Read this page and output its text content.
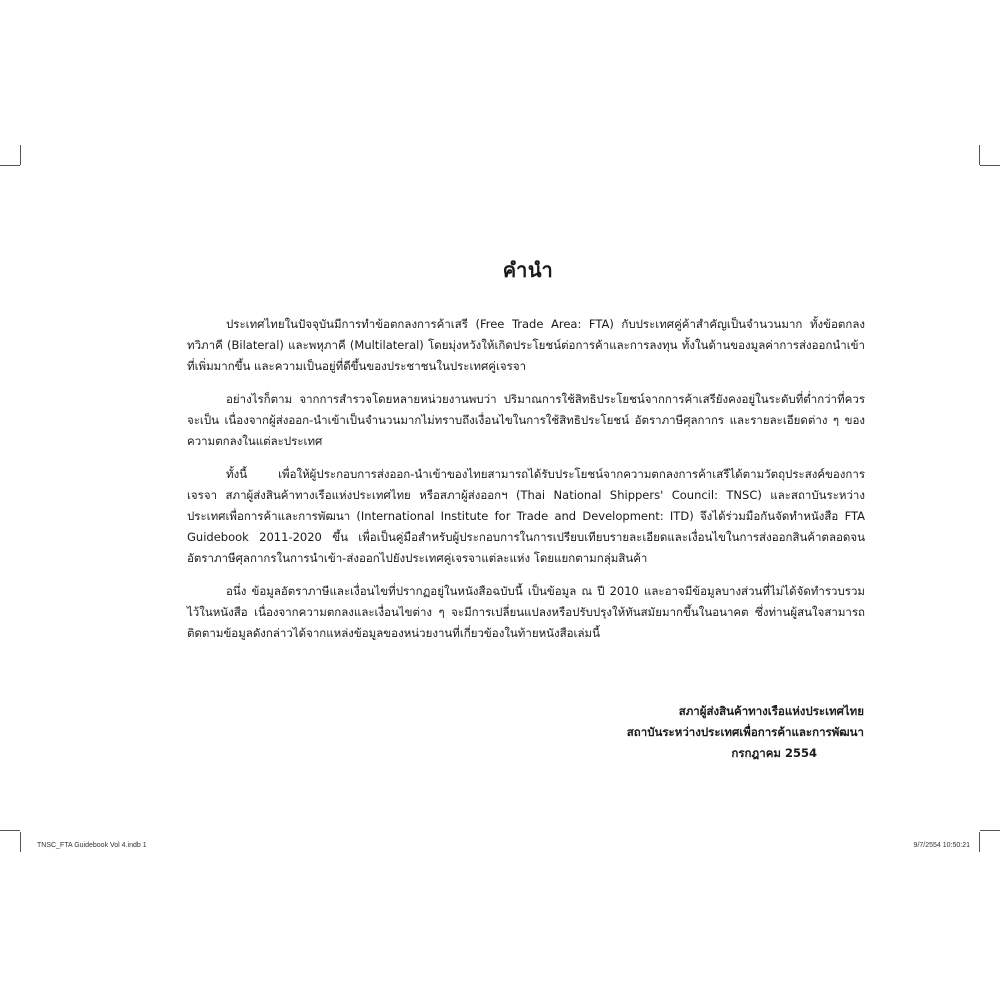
คำนำ

ประเทศไทยในปัจจุบันมีการทำข้อตกลงการค้าเสรี (Free Trade Area: FTA) กับประเทศคู่ค้าสำคัญเป็นจำนวนมาก ทั้งข้อตกลงทวิภาคี (Bilateral) และพหุภาคี (Multilateral) โดยมุ่งหวังให้เกิดประโยชน์ต่อการค้าและการลงทุน ทั้งในด้านของมูลค่าการส่งออกนำเข้าที่เพิ่มมากขึ้น และความเป็นอยู่ที่ดีขึ้นของประชาชนในประเทศคู่เจรจา

อย่างไรก็ตาม จากการสำรวจโดยหลายหน่วยงานพบว่า ปริมาณการใช้สิทธิประโยชน์จากการค้าเสรียังคงอยู่ในระดับที่ต่ำกว่าที่ควรจะเป็น เนื่องจากผู้ส่งออก-นำเข้าเป็นจำนวนมากไม่ทราบถึงเงื่อนไขในการใช้สิทธิประโยชน์ อัตราภาษีศุลกากร และรายละเอียดต่าง ๆ ของความตกลงในแต่ละประเทศ

ทั้งนี้ เพื่อให้ผู้ประกอบการส่งออก-นำเข้าของไทยสามารถได้รับประโยชน์จากความตกลงการค้าเสรีได้ตามวัตถุประสงค์ของการเจรจา สภาผู้ส่งสินค้าทางเรือแห่งประเทศไทย หรือสภาผู้ส่งออกฯ (Thai National Shippers' Council: TNSC) และสถาบันระหว่างประเทศเพื่อการค้าและการพัฒนา (International Institute for Trade and Development: ITD) จึงได้ร่วมมือกันจัดทำหนังสือ FTA Guidebook 2011-2020 ขึ้น เพื่อเป็นคู่มือสำหรับผู้ประกอบการในการเปรียบเทียบรายละเอียดและเงื่อนไขในการส่งออกสินค้าตลอดจนอัตราภาษีศุลกากรในการนำเข้า-ส่งออกไปยังประเทศคู่เจรจาแต่ละแห่ง โดยแยกตามกลุ่มสินค้า

อนึ่ง ข้อมูลอัตราภาษีและเงื่อนไขที่ปรากฏอยู่ในหนังสือฉบับนี้ เป็นข้อมูล ณ ปี 2010 และอาจมีข้อมูลบางส่วนที่ไม่ได้จัดทำรวบรวมไว้ในหนังสือ เนื่องจากความตกลงและเงื่อนไขต่าง ๆ จะมีการเปลี่ยนแปลงหรือปรับปรุงให้ทันสมัยมากขึ้นในอนาคต ซึ่งท่านผู้สนใจสามารถติดตามข้อมูลดังกล่าวได้จากแหล่งข้อมูลของหน่วยงานที่เกี่ยวข้องในท้ายหนังสือเล่มนี้

สภาผู้ส่งสินค้าทางเรือแห่งประเทศไทย
สถาบันระหว่างประเทศเพื่อการค้าและการพัฒนา
กรกฎาคม 2554
TNSC_FTA Guidebook Vol 4.indb 1	9/7/2554 10:50:21
